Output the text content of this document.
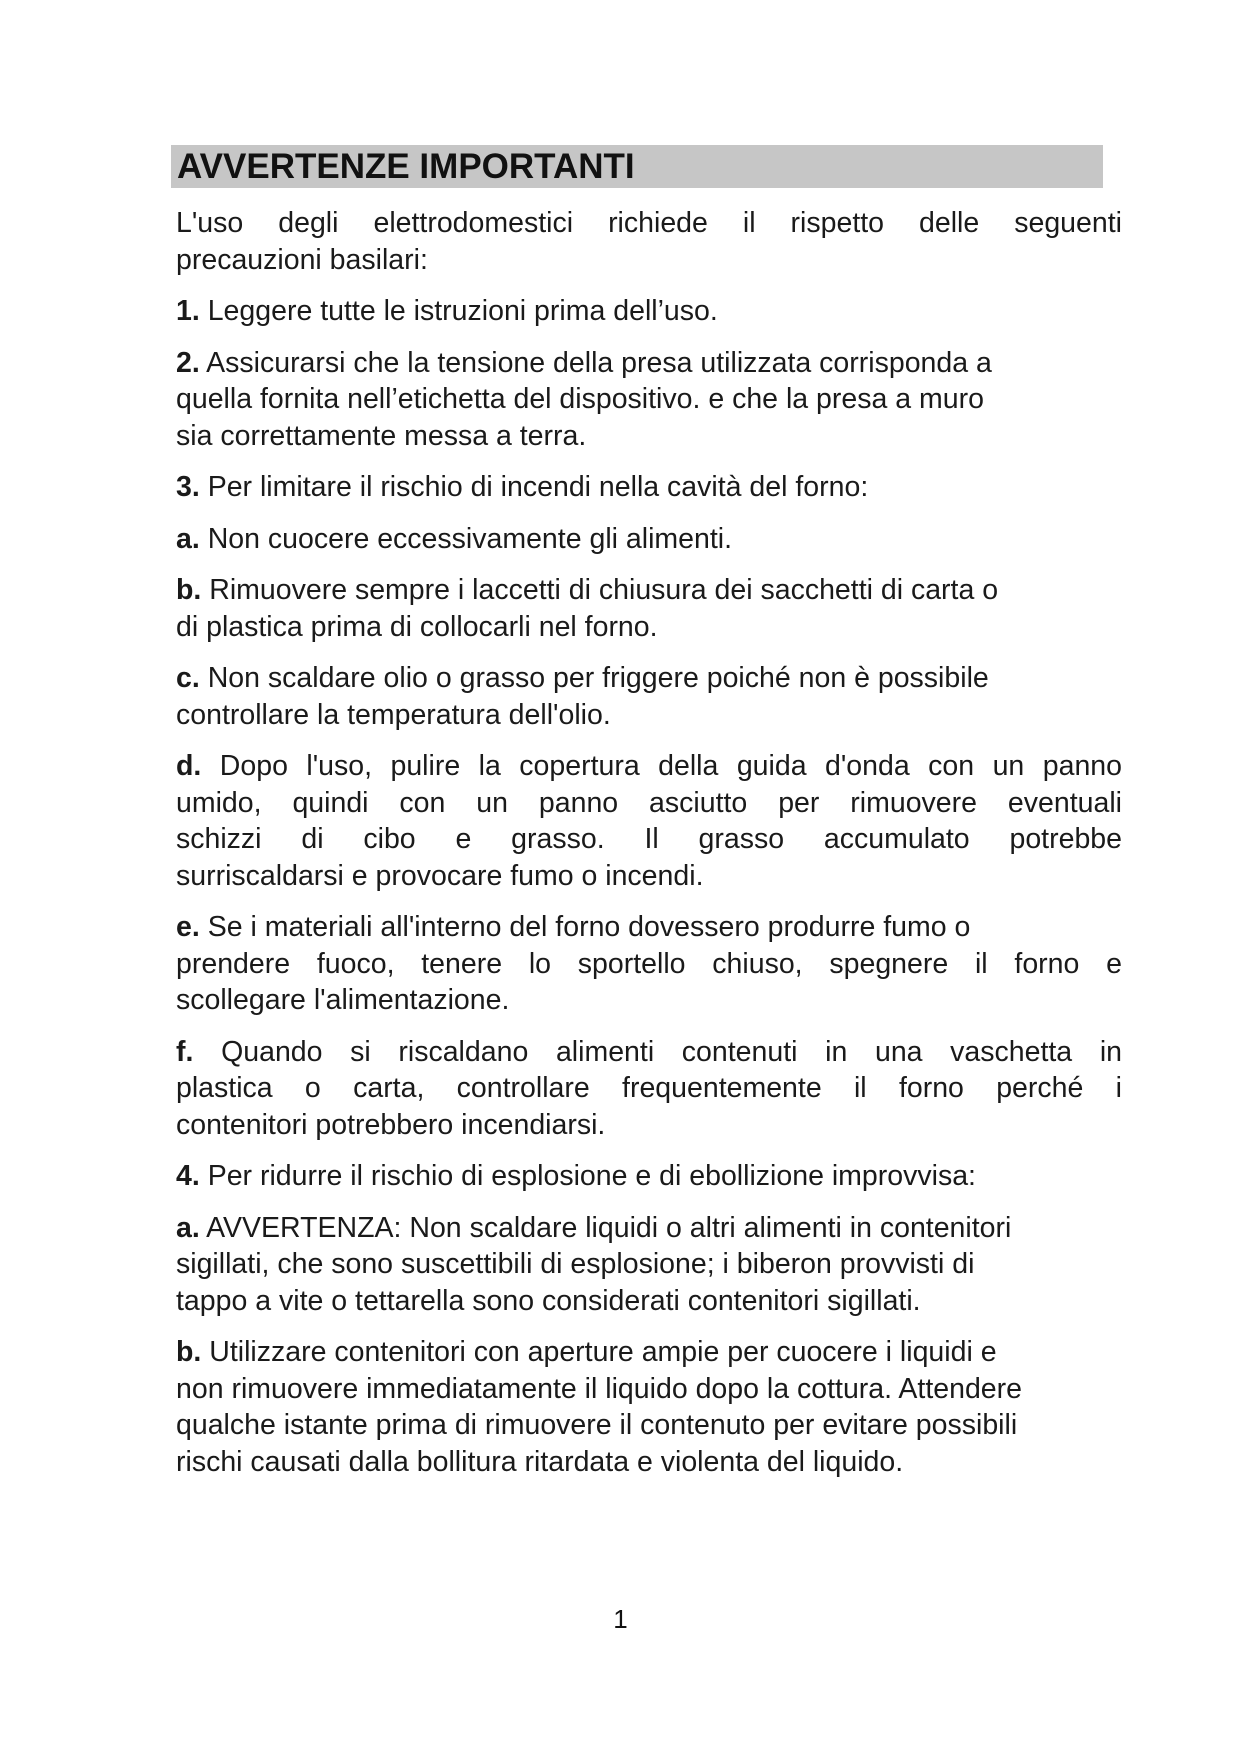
AVVERTENZE IMPORTANTI
L'uso degli elettrodomestici richiede il rispetto delle seguenti
precauzioni basilari:
1. Leggere tutte le istruzioni prima dell’uso.
2. Assicurarsi che la tensione della presa utilizzata corrisponda a
quella fornita nell’etichetta del dispositivo. e che la presa a muro
sia correttamente messa a terra.
3. Per limitare il rischio di incendi nella cavità del forno:
a. Non cuocere eccessivamente gli alimenti.
b. Rimuovere sempre i laccetti di chiusura dei sacchetti di carta o
di plastica prima di collocarli nel forno.
c. Non scaldare olio o grasso per friggere poiché non è possibile
controllare la temperatura dell'olio.
d. Dopo l'uso, pulire la copertura della guida d'onda con un panno
umido, quindi con un panno asciutto per rimuovere eventuali
schizzi di cibo e grasso. Il grasso accumulato potrebbe
surriscaldarsi e provocare fumo o incendi.
e. Se i materiali all'interno del forno dovessero produrre fumo o
prendere fuoco, tenere lo sportello chiuso, spegnere il forno e
scollegare l'alimentazione.
f. Quando si riscaldano alimenti contenuti in una vaschetta in
plastica o carta, controllare frequentemente il forno perché i
contenitori potrebbero incendiarsi.
4. Per ridurre il rischio di esplosione e di ebollizione improvvisa:
a. AVVERTENZA: Non scaldare liquidi o altri alimenti in contenitori
sigillati, che sono suscettibili di esplosione; i biberon provvisti di
tappo a vite o tettarella sono considerati contenitori sigillati.
b. Utilizzare contenitori con aperture ampie per cuocere i liquidi e
non rimuovere immediatamente il liquido dopo la cottura. Attendere
qualche istante prima di rimuovere il contenuto per evitare possibili
rischi causati dalla bollitura ritardata e violenta del liquido.
1
